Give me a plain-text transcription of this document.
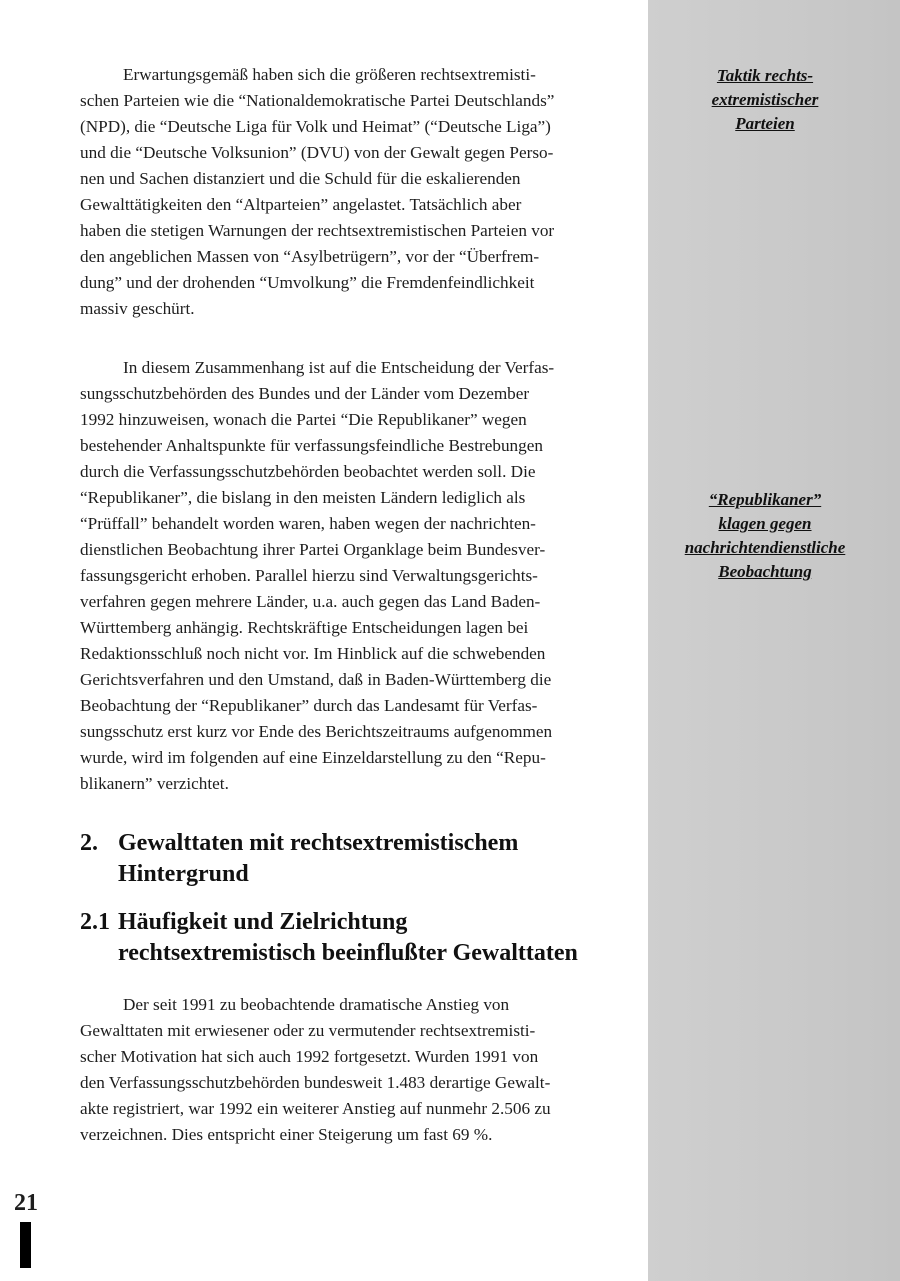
Taktik rechts-
extremistischer
Parteien
“Republikaner”
klagen gegen
nachrichtendienstliche
Beobachtung
Erwartungsgemäß haben sich die größeren rechtsextremisti-
schen Parteien wie die “Nationaldemokratische Partei Deutschlands”
(NPD), die “Deutsche Liga für Volk und Heimat” (“Deutsche Liga”)
und die “Deutsche Volksunion” (DVU) von der Gewalt gegen Perso-
nen und Sachen distanziert und die Schuld für die eskalierenden
Gewalttätigkeiten den “Altparteien” angelastet. Tatsächlich aber
haben die stetigen Warnungen der rechtsextremistischen Parteien vor
den angeblichen Massen von “Asylbetrügern”, vor der “Überfrem-
dung” und der drohenden “Umvolkung” die Fremdenfeindlichkeit
massiv geschürt.
In diesem Zusammenhang ist auf die Entscheidung der Verfas-
sungsschutzbehörden des Bundes und der Länder vom Dezember
1992 hinzuweisen, wonach die Partei “Die Republikaner” wegen
bestehender Anhaltspunkte für verfassungsfeindliche Bestrebungen
durch die Verfassungsschutzbehörden beobachtet werden soll. Die
“Republikaner”, die bislang in den meisten Ländern lediglich als
“Prüffall” behandelt worden waren, haben wegen der nachrichten-
dienstlichen Beobachtung ihrer Partei Organklage beim Bundesver-
fassungsgericht erhoben. Parallel hierzu sind Verwaltungsgerichts-
verfahren gegen mehrere Länder, u.a. auch gegen das Land Baden-
Württemberg anhängig. Rechtskräftige Entscheidungen lagen bei
Redaktionsschluß noch nicht vor. Im Hinblick auf die schwebenden
Gerichtsverfahren und den Umstand, daß in Baden-Württemberg die
Beobachtung der “Republikaner” durch das Landesamt für Verfas-
sungsschutz erst kurz vor Ende des Berichtszeitraums aufgenommen
wurde, wird im folgenden auf eine Einzeldarstellung zu den “Repu-
blikanern” verzichtet.
2. Gewalttaten mit rechtsextremistischem
Hintergrund
2.1 Häufigkeit und Zielrichtung
rechtsextremistisch beeinflußter Gewalttaten
Der seit 1991 zu beobachtende dramatische Anstieg von
Gewalttaten mit erwiesener oder zu vermutender rechtsextremisti-
scher Motivation hat sich auch 1992 fortgesetzt. Wurden 1991 von
den Verfassungsschutzbehörden bundesweit 1.483 derartige Gewalt-
akte registriert, war 1992 ein weiterer Anstieg auf nunmehr 2.506 zu
verzeichnen. Dies entspricht einer Steigerung um fast 69 %.
21
